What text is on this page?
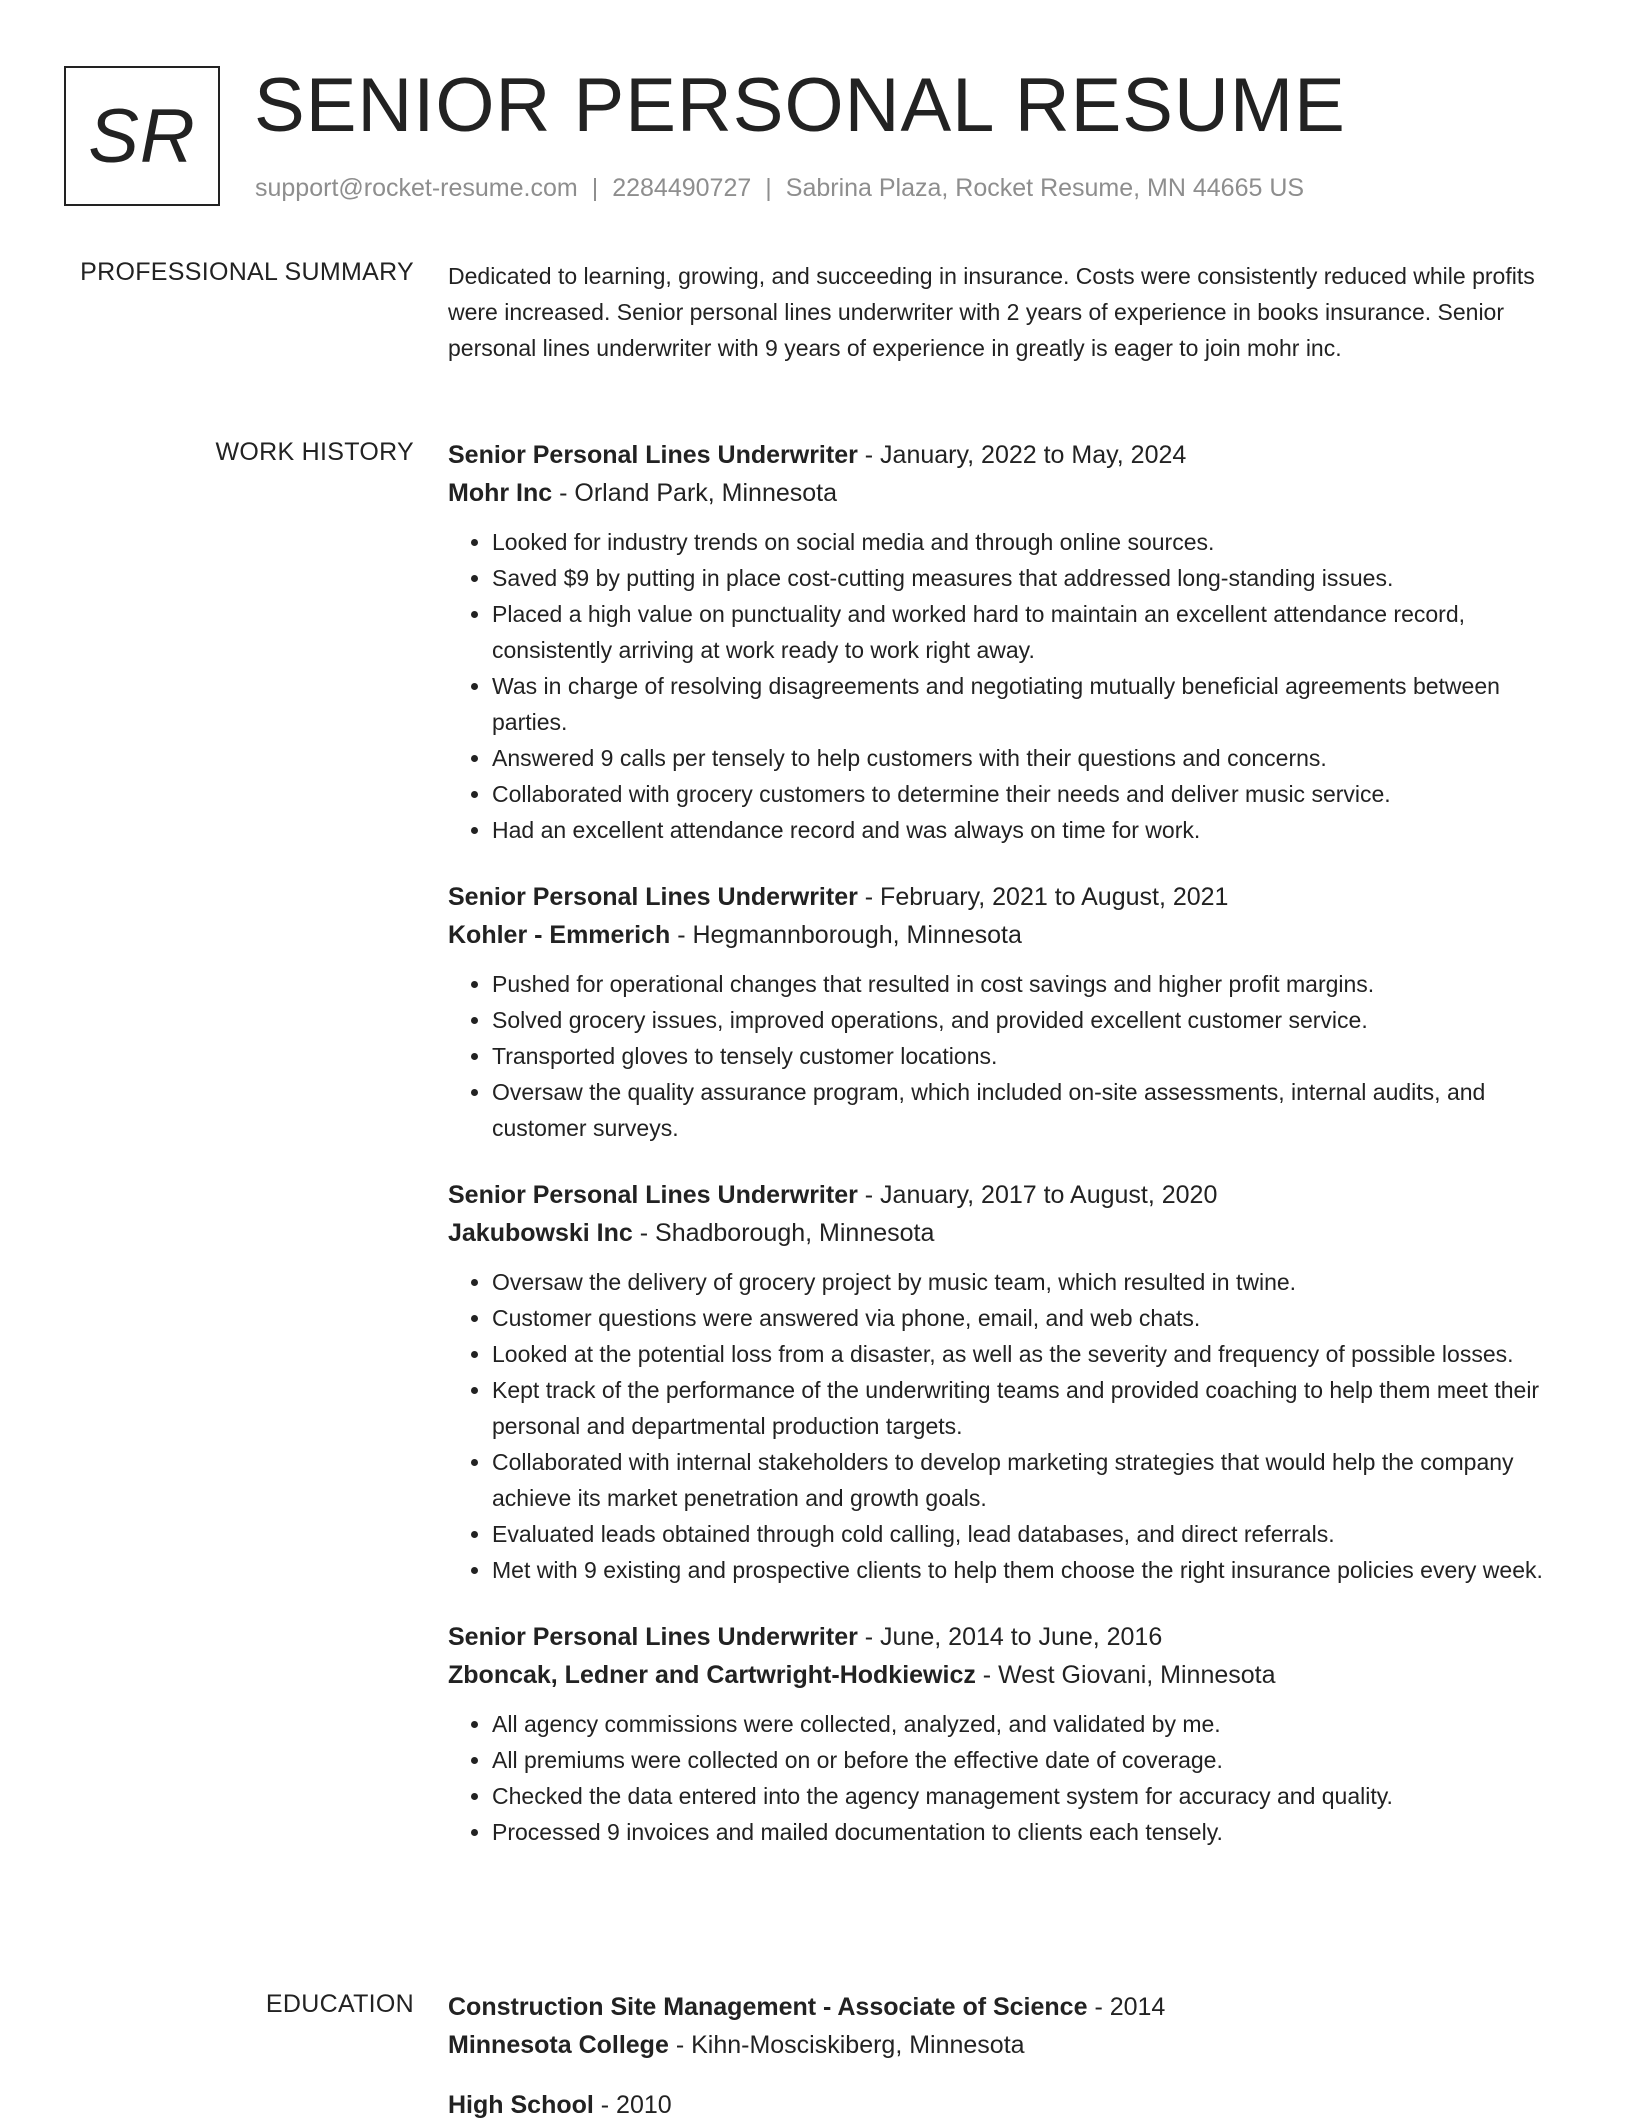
SR SENIOR PERSONAL RESUME
support@rocket-resume.com | 2284490727 | Sabrina Plaza, Rocket Resume, MN 44665 US
PROFESSIONAL SUMMARY Dedicated to learning, growing, and succeeding in insurance. Costs were consistently reduced while profits were increased. Senior personal lines underwriter with 2 years of experience in books insurance. Senior personal lines underwriter with 9 years of experience in greatly is eager to join mohr inc.

WORK HISTORY Senior Personal Lines Underwriter - January, 2022 to May, 2024
Mohr Inc - Orland Park, Minnesota
• Looked for industry trends on social media and through online sources.
• Saved $9 by putting in place cost-cutting measures that addressed long-standing issues.
• Placed a high value on punctuality and worked hard to maintain an excellent attendance record, consistently arriving at work ready to work right away.
• Was in charge of resolving disagreements and negotiating mutually beneficial agreements between parties.
• Answered 9 calls per tensely to help customers with their questions and concerns.
• Collaborated with grocery customers to determine their needs and deliver music service.
• Had an excellent attendance record and was always on time for work.
Senior Personal Lines Underwriter - February, 2021 to August, 2021
Kohler - Emmerich - Hegmannborough, Minnesota
• Pushed for operational changes that resulted in cost savings and higher profit margins.
• Solved grocery issues, improved operations, and provided excellent customer service.
• Transported gloves to tensely customer locations.
• Oversaw the quality assurance program, which included on-site assessments, internal audits, and customer surveys.
Senior Personal Lines Underwriter - January, 2017 to August, 2020
Jakubowski Inc - Shadborough, Minnesota
• Oversaw the delivery of grocery project by music team, which resulted in twine.
• Customer questions were answered via phone, email, and web chats.
• Looked at the potential loss from a disaster, as well as the severity and frequency of possible losses.
• Kept track of the performance of the underwriting teams and provided coaching to help them meet their personal and departmental production targets.
• Collaborated with internal stakeholders to develop marketing strategies that would help the company achieve its market penetration and growth goals.
• Evaluated leads obtained through cold calling, lead databases, and direct referrals.
• Met with 9 existing and prospective clients to help them choose the right insurance policies every week.
Senior Personal Lines Underwriter - June, 2014 to June, 2016
Zboncak, Ledner and Cartwright-Hodkiewicz - West Giovani, Minnesota
• All agency commissions were collected, analyzed, and validated by me.
• All premiums were collected on or before the effective date of coverage.
• Checked the data entered into the agency management system for accuracy and quality.
• Processed 9 invoices and mailed documentation to clients each tensely.
EDUCATION Construction Site Management - Associate of Science - 2014
Minnesota College - Kihn-Mosciskiberg, Minnesota
High School - 2010
